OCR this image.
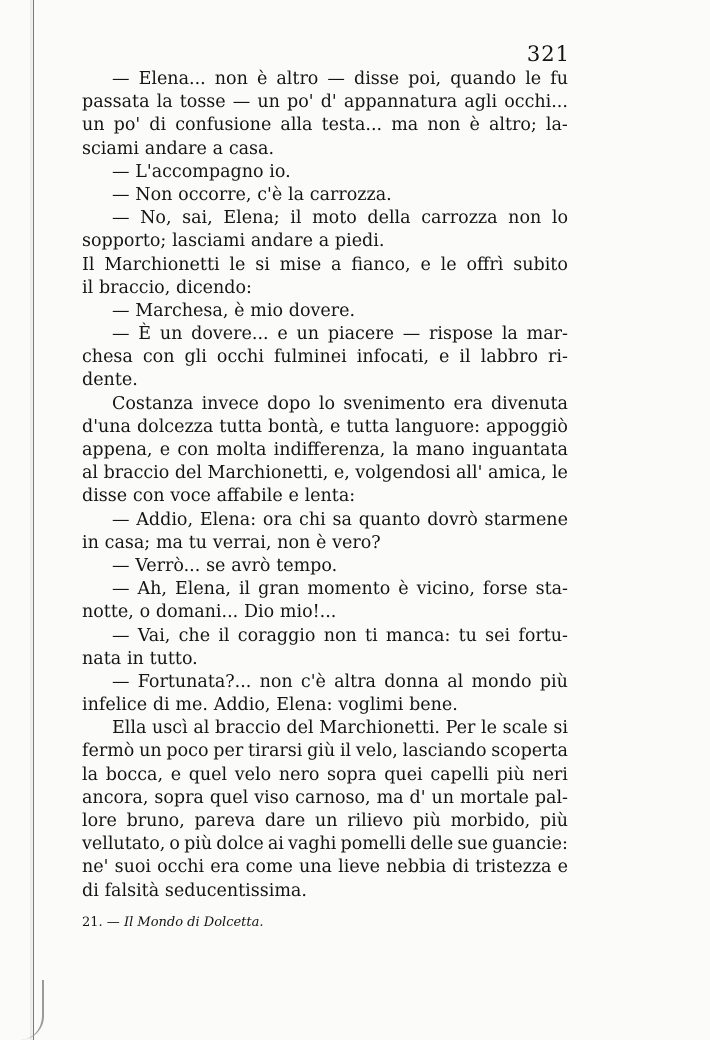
321
— Elena... non è altro — disse poi, quando le fu
passata la tosse — un po' d' appannatura agli occhi...
un po' di confusione alla testa... ma non è altro; la-
sciami andare a casa.
— L'accompagno io.
— Non occorre, c'è la carrozza.
— No, sai, Elena; il moto della carrozza non lo
sopporto; lasciami andare a piedi.
Il Marchionetti le si mise a fianco, e le offrì subito
il braccio, dicendo:
— Marchesa, è mio dovere.
— È un dovere... e un piacere — rispose la mar-
chesa con gli occhi fulminei infocati, e il labbro ri-
dente.
Costanza invece dopo lo svenimento era divenuta
d'una dolcezza tutta bontà, e tutta languore: appoggiò
appena, e con molta indifferenza, la mano inguantata
al braccio del Marchionetti, e, volgendosi all' amica, le
disse con voce affabile e lenta:
— Addio, Elena: ora chi sa quanto dovrò starmene
in casa; ma tu verrai, non è vero?
— Verrò... se avrò tempo.
— Ah, Elena, il gran momento è vicino, forse sta-
notte, o domani... Dio mio!...
— Vai, che il coraggio non ti manca: tu sei fortu-
nata in tutto.
— Fortunata?... non c'è altra donna al mondo più
infelice di me. Addio, Elena: voglimi bene.
Ella uscì al braccio del Marchionetti. Per le scale si
fermò un poco per tirarsi giù il velo, lasciando scoperta
la bocca, e quel velo nero sopra quei capelli più neri
ancora, sopra quel viso carnoso, ma d' un mortale pal-
lore bruno, pareva dare un rilievo più morbido, più
vellutato, o più dolce ai vaghi pomelli delle sue guancie:
ne' suoi occhi era come una lieve nebbia di tristezza e
di falsità seducentissima.
21. — Il Mondo di Dolcetta.
